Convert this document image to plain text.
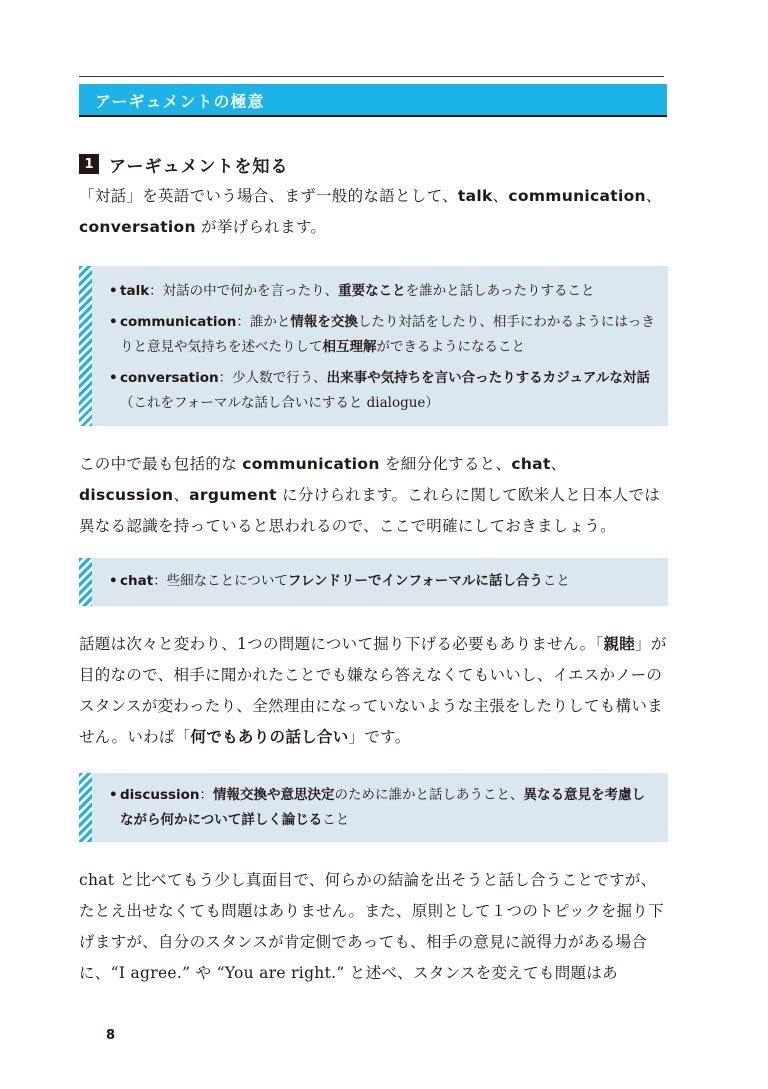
アーギュメントの極意
1 アーギュメントを知る

「対話」を英語でいう場合、まず一般的な語として、talk、communication、conversation が挙げられます。

• talk：対話の中で何かを言ったり、重要なことを誰かと話しあったりすること
• communication：誰かと情報を交換したり対話をしたり、相手にわかるようにはっきりと意見や気持ちを述べたりして相互理解ができるようになること
• conversation：少人数で行う、出来事や気持ちを言い合ったりするカジュアルな対話（これをフォーマルな話し合いにすると dialogue）

この中で最も包括的な communication を細分化すると、chat、discussion、argument に分けられます。これらに関して欧米人と日本人では異なる認識を持っていると思われるので、ここで明確にしておきましょう。

• chat：些細なことについてフレンドリーでインフォーマルに話し合うこと

話題は次々と変わり、1つの問題について掘り下げる必要もありません。「親睦」が目的なので、相手に聞かれたことでも嫌なら答えなくてもいいし、イエスかノーのスタンスが変わったり、全然理由になっていないような主張をしたりしても構いません。いわば「何でもありの話し合い」です。

• discussion：情報交換や意思決定のために誰かと話しあうこと、異なる意見を考慮しながら何かについて詳しく論じること

chat と比べてもう少し真面目で、何らかの結論を出そうと話し合うことですが、たとえ出せなくても問題はありません。また、原則として１つのトピックを掘り下げますが、自分のスタンスが肯定側であっても、相手の意見に説得力がある場合に、“I agree.” や “You are right.” と述べ、スタンスを変えても問題はあ

8
